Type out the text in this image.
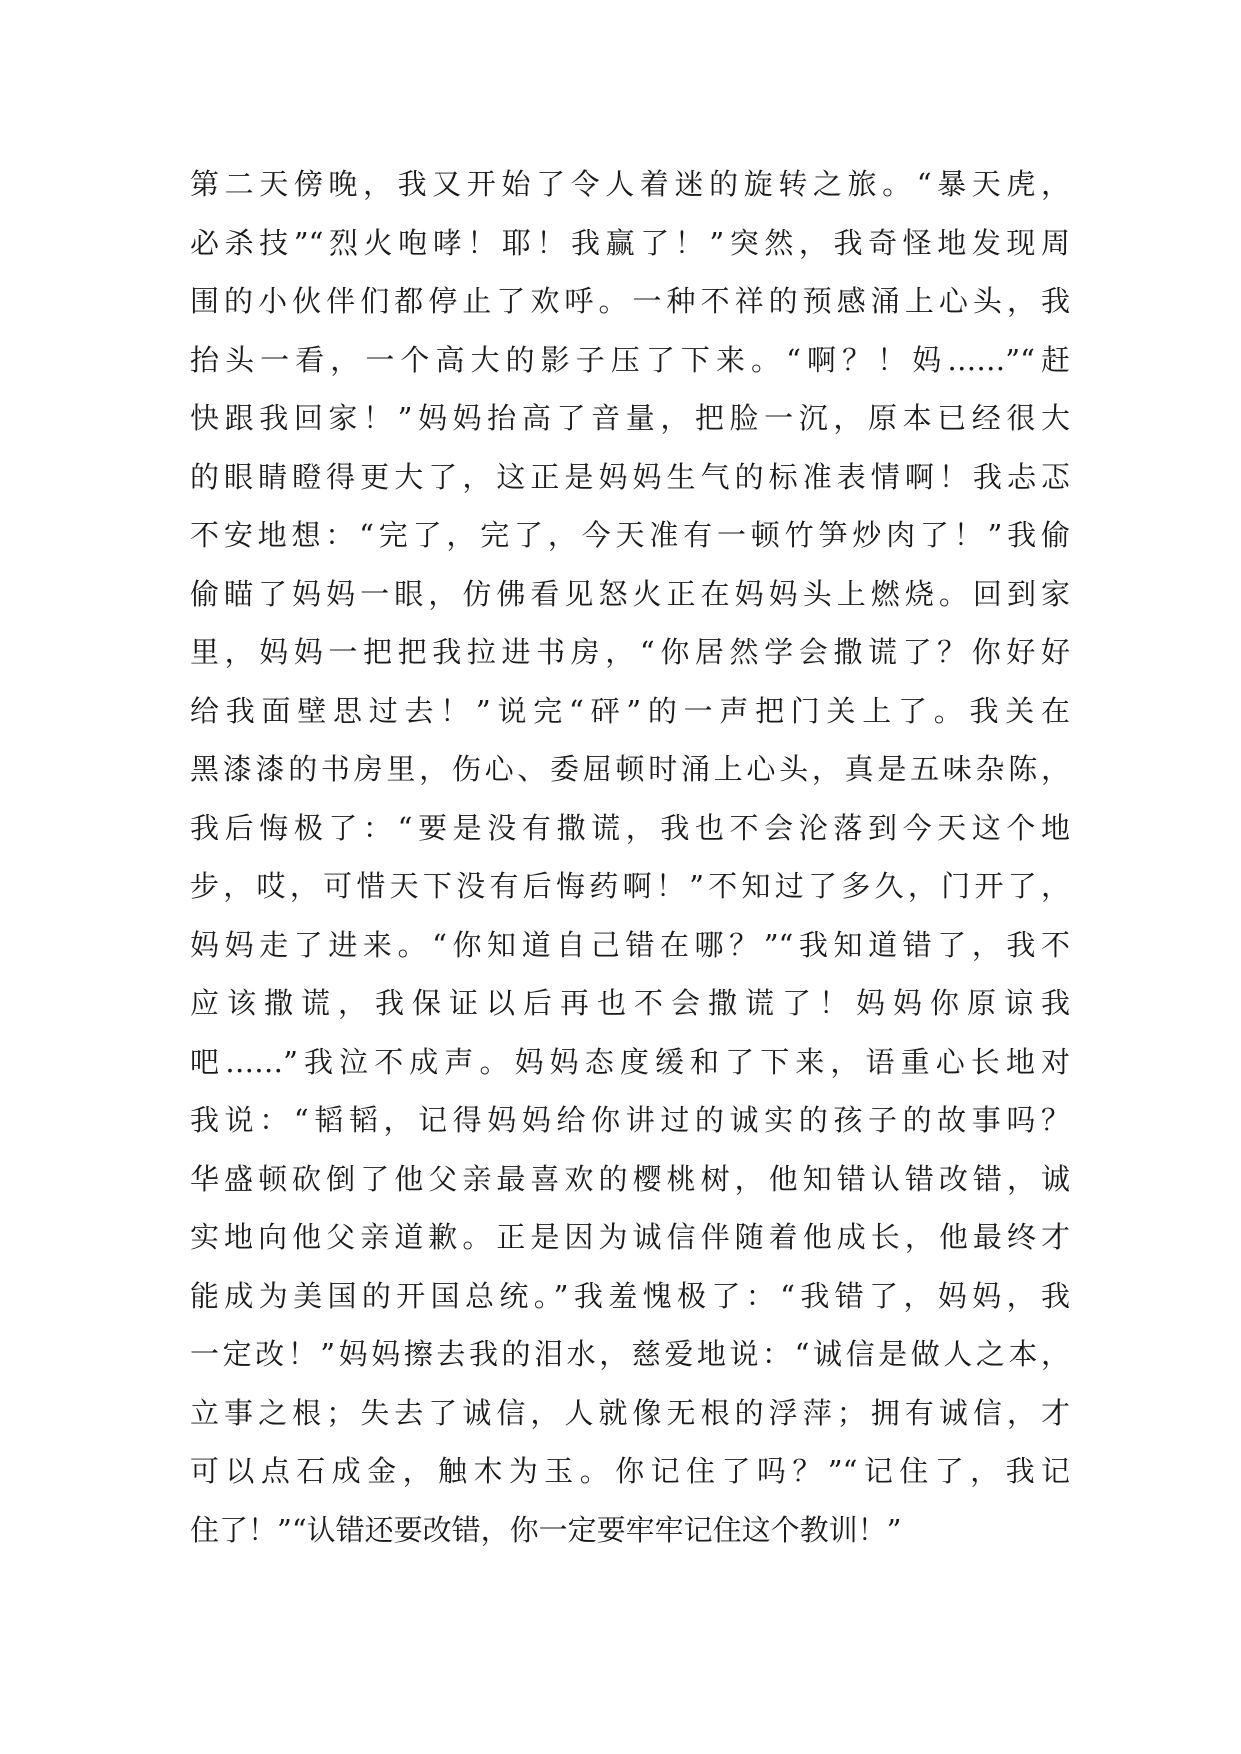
第二天傍晚，我又开始了令人着迷的旋转之旅。“暴天虎，
必杀技”“烈火咆哮！耶！我赢了！”突然，我奇怪地发现周
围的小伙伴们都停止了欢呼。一种不祥的预感涌上心头，我
抬头一看，一个高大的影子压了下来。“啊？！妈……”“赶
快跟我回家！”妈妈抬高了音量，把脸一沉，原本已经很大
的眼睛瞪得更大了，这正是妈妈生气的标准表情啊！我忐忑
不安地想：“完了，完了，今天准有一顿竹笋炒肉了！”我偷
偷瞄了妈妈一眼，仿佛看见怒火正在妈妈头上燃烧。回到家
里，妈妈一把把我拉进书房，“你居然学会撒谎了？你好好
给我面壁思过去！”说完“砰”的一声把门关上了。我关在
黑漆漆的书房里，伤心、委屈顿时涌上心头，真是五味杂陈，
我后悔极了：“要是没有撒谎，我也不会沦落到今天这个地
步，哎，可惜天下没有后悔药啊！”不知过了多久，门开了，
妈妈走了进来。“你知道自己错在哪？”“我知道错了，我不
应该撒谎，我保证以后再也不会撒谎了！妈妈你原谅我
吧……”我泣不成声。妈妈态度缓和了下来，语重心长地对
我说：“韬韬，记得妈妈给你讲过的诚实的孩子的故事吗？
华盛顿砍倒了他父亲最喜欢的樱桃树，他知错认错改错，诚
实地向他父亲道歉。正是因为诚信伴随着他成长，他最终才
能成为美国的开国总统。”我羞愧极了：“我错了，妈妈，我
一定改！”妈妈擦去我的泪水，慈爱地说：“诚信是做人之本，
立事之根；失去了诚信，人就像无根的浮萍；拥有诚信，才
可以点石成金，触木为玉。你记住了吗？”“记住了，我记
住了！”“认错还要改错，你一定要牢牢记住这个教训！”
